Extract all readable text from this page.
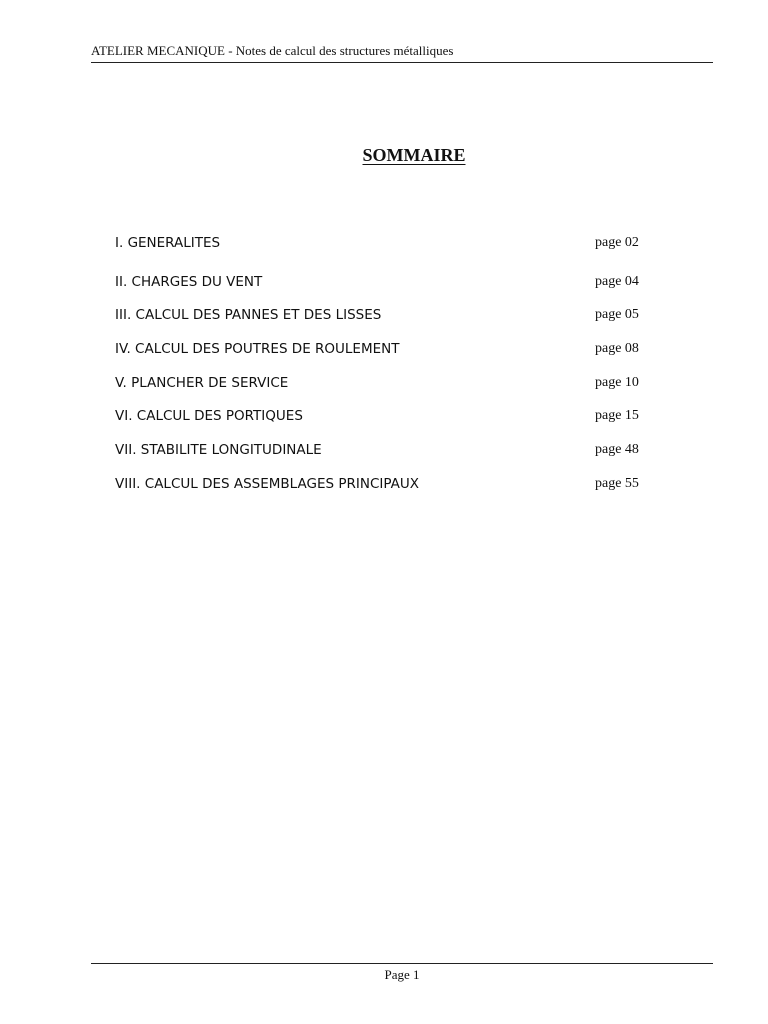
ATELIER MECANIQUE - Notes de calcul des structures métalliques
SOMMAIRE
I. GENERALITES	page 02
II. CHARGES DU VENT	page 04
III. CALCUL DES PANNES ET DES LISSES	page 05
IV. CALCUL DES POUTRES DE ROULEMENT	page 08
V. PLANCHER DE SERVICE	page 10
VI. CALCUL DES PORTIQUES	page 15
VII. STABILITE LONGITUDINALE	page 48
VIII. CALCUL DES ASSEMBLAGES PRINCIPAUX	page 55
Page 1
